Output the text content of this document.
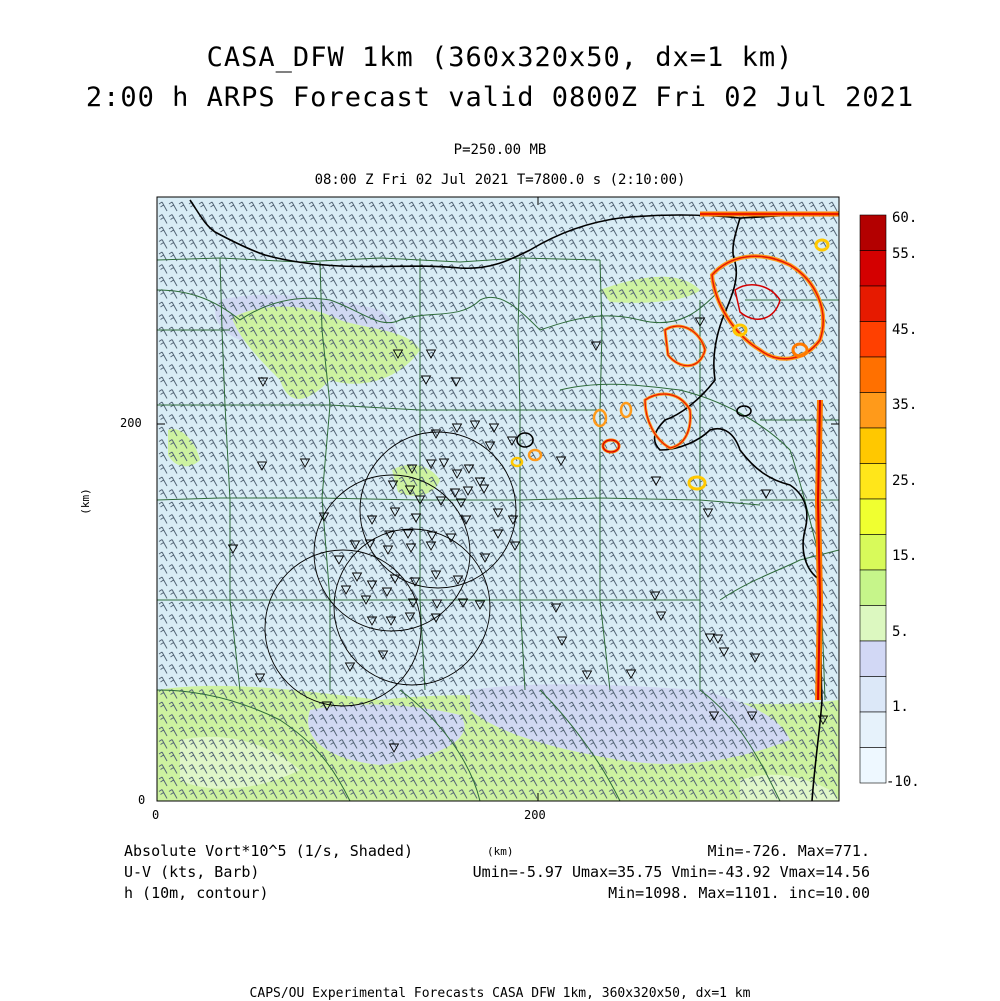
CASA_DFW 1km (360x320x50, dx=1 km)
2:00 h ARPS Forecast valid 0800Z Fri 02 Jul 2021
P=250.00 MB
08:00 Z Fri 02 Jul 2021 T=7800.0 s (2:10:00)
0	200
0
200
(km)
(km)
60.
55.
45.
35.
25.
15.
5.
1.
-10.
Absolute Vort*10^5 (1/s, Shaded)
U-V (kts, Barb)
h (10m, contour)
Min=-726. Max=771.
Umin=-5.97 Umax=35.75 Vmin=-43.92 Vmax=14.56
Min=1098. Max=1101. inc=10.00
CAPS/OU Experimental Forecasts CASA DFW 1km, 360x320x50, dx=1 km
